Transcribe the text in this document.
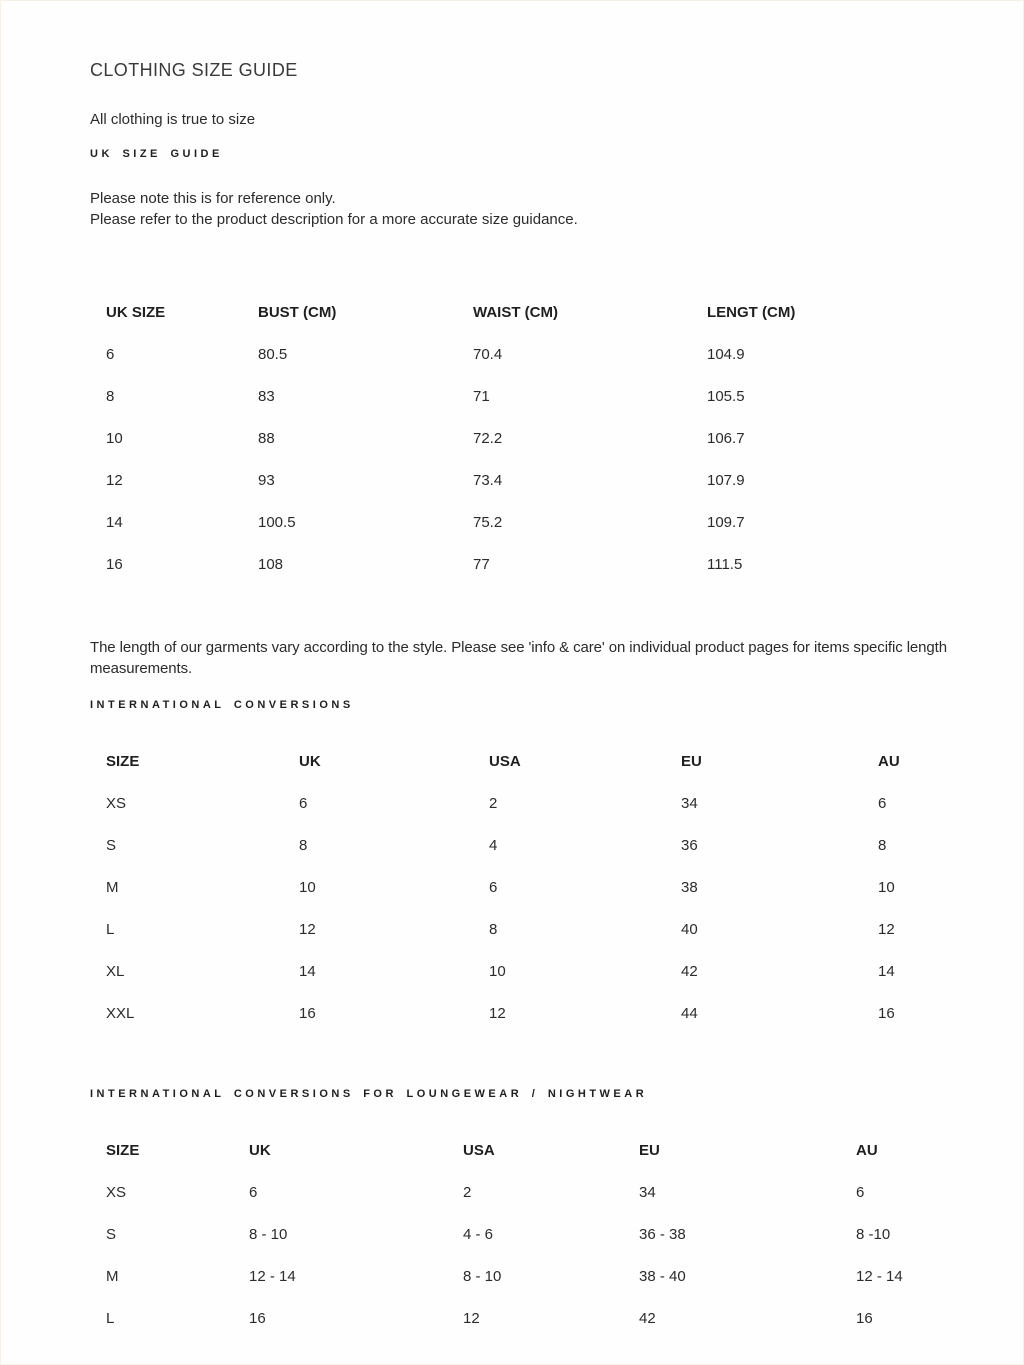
CLOTHING SIZE GUIDE
All clothing is true to size
UK SIZE GUIDE
Please note this is for reference only.
Please refer to the product description for a more accurate size guidance.
UK SIZE	BUST (CM)	WAIST (CM)	LENGT (CM)
6	80.5	70.4	104.9
8	83	71	105.5
10	88	72.2	106.7
12	93	73.4	107.9
14	100.5	75.2	109.7
16	108	77	111.5
The length of our garments vary according to the style. Please see 'info & care' on individual product pages for items specific length measurements.
INTERNATIONAL CONVERSIONS
SIZE	UK	USA	EU	AU
XS	6	2	34	6
S	8	4	36	8
M	10	6	38	10
L	12	8	40	12
XL	14	10	42	14
XXL	16	12	44	16
INTERNATIONAL CONVERSIONS FOR LOUNGEWEAR / NIGHTWEAR
SIZE	UK	USA	EU	AU
XS	6	2	34	6
S	8 - 10	4 - 6	36 - 38	8 -10
M	12 - 14	8 - 10	38 - 40	12 - 14
L	16	12	42	16
